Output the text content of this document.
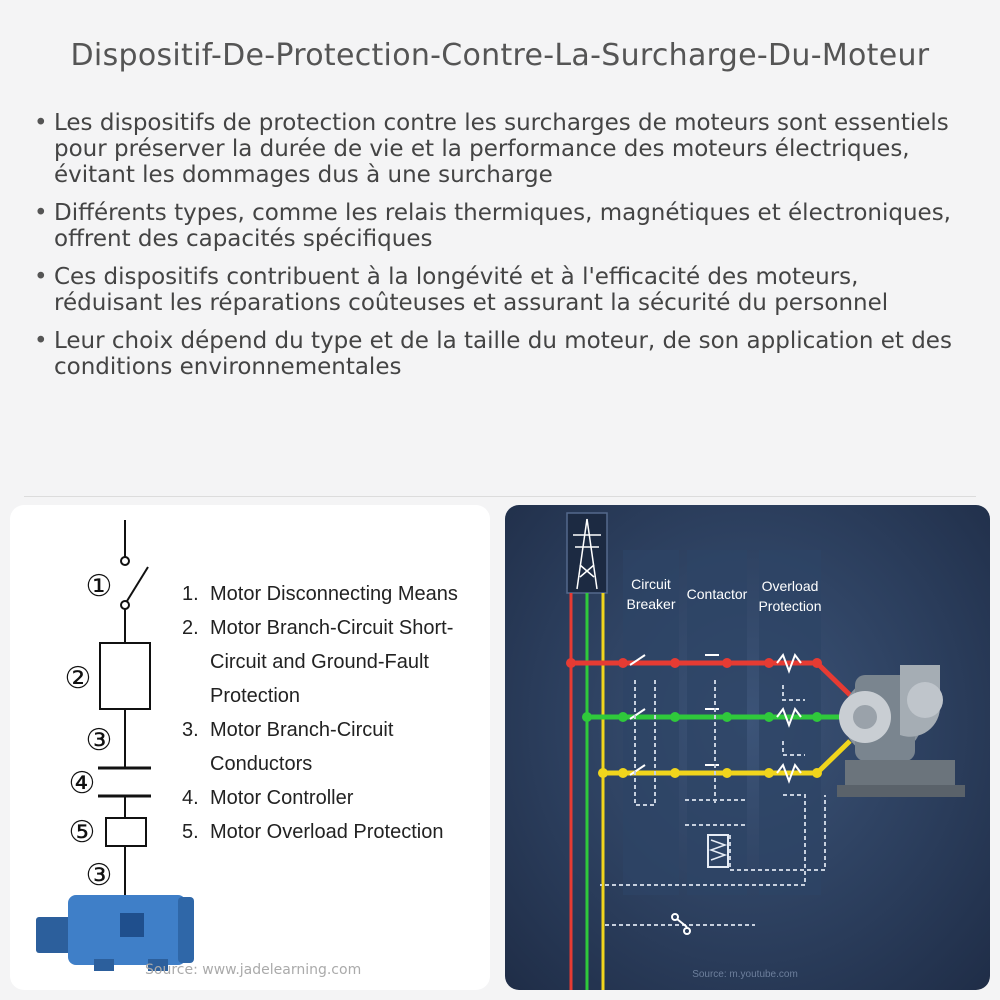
Dispositif-De-Protection-Contre-La-Surcharge-Du-Moteur
• Les dispositifs de protection contre les surcharges de moteurs sont essentiels pour préserver la durée de vie et la performance des moteurs électriques, évitant les dommages dus à une surcharge
• Différents types, comme les relais thermiques, magnétiques et électroniques, offrent des capacités spécifiques
• Ces dispositifs contribuent à la longévité et à l'efficacité des moteurs, réduisant les réparations coûteuses et assurant la sécurité du personnel
• Leur choix dépend du type et de la taille du moteur, de son application et des conditions environnementales
①
②
③
④
⑤
③
1. Motor Disconnecting Means
2. Motor Branch-Circuit Short-Circuit and Ground-Fault Protection
3. Motor Branch-Circuit Conductors
4. Motor Controller
5. Motor Overload Protection
Source: www.jadelearning.com
Circuit
Breaker
Contactor Overload
Protection
Source: m.youtube.com
